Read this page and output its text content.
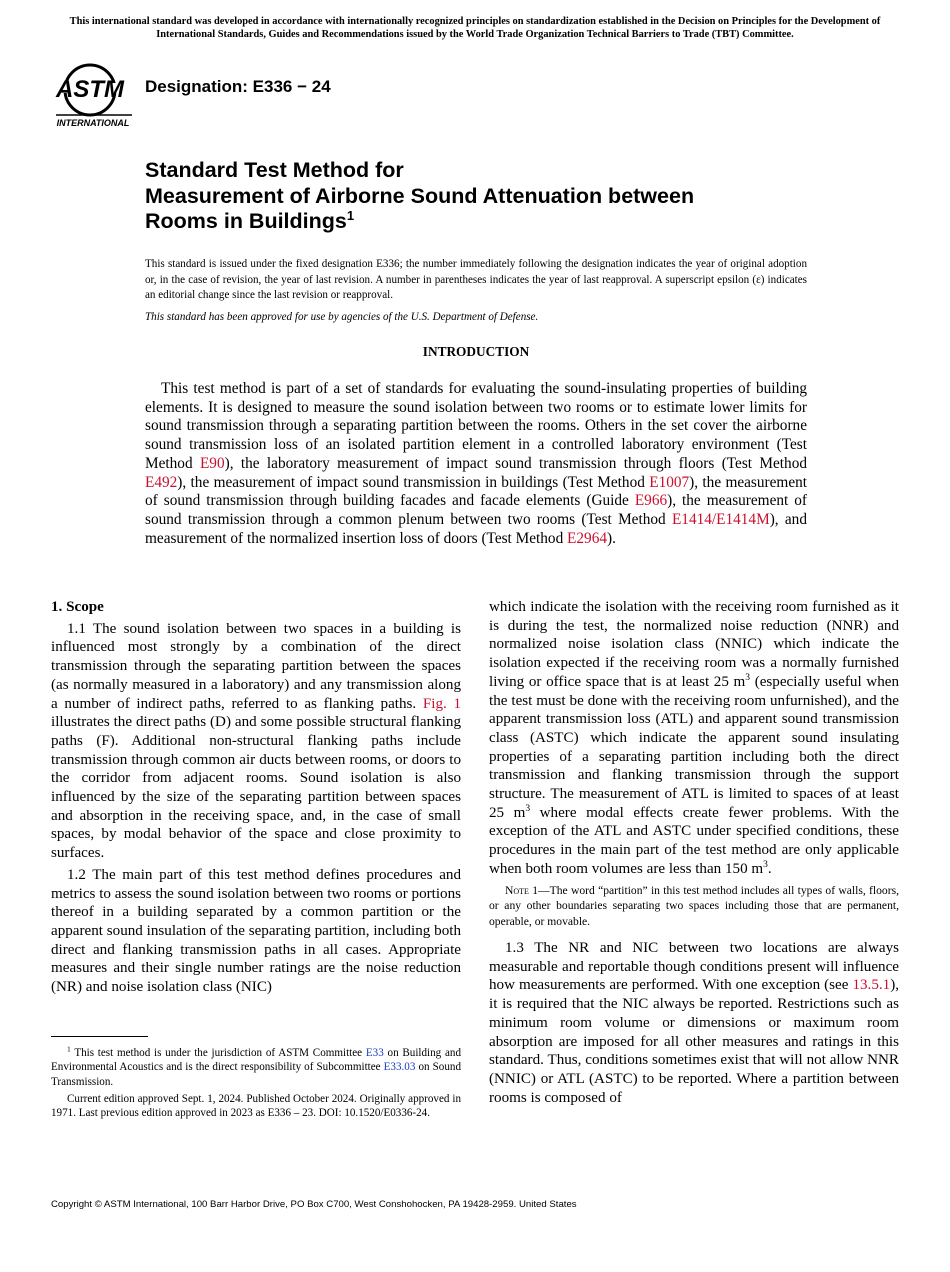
This international standard was developed in accordance with internationally recognized principles on standardization established in the Decision on Principles for the Development of International Standards, Guides and Recommendations issued by the World Trade Organization Technical Barriers to Trade (TBT) Committee.
ASTM
INTERNATIONAL
Designation: E336 − 24
Standard Test Method for
Measurement of Airborne Sound Attenuation between
Rooms in Buildings$^1$
This standard is issued under the fixed designation E336; the number immediately following the designation indicates the year of original adoption or, in the case of revision, the year of last revision. A number in parentheses indicates the year of last reapproval. A superscript epsilon (ε) indicates an editorial change since the last revision or reapproval.
This standard has been approved for use by agencies of the U.S. Department of Defense.
INTRODUCTION
This test method is part of a set of standards for evaluating the sound-insulating properties of building elements. It is designed to measure the sound isolation between two rooms or to estimate lower limits for sound transmission through a separating partition between the rooms. Others in the set cover the airborne sound transmission loss of an isolated partition element in a controlled laboratory environment (Test Method E90), the laboratory measurement of impact sound transmission through floors (Test Method E492), the measurement of impact sound transmission in buildings (Test Method E1007), the measurement of sound transmission through building facades and facade elements (Guide E966), the measurement of sound transmission through a common plenum between two rooms (Test Method E1414/E1414M), and measurement of the normalized insertion loss of doors (Test Method E2964).
1. Scope

1.1 The sound isolation between two spaces in a building is influenced most strongly by a combination of the direct transmission through the separating partition between the spaces (as normally measured in a laboratory) and any transmission along a number of indirect paths, referred to as flanking paths. Fig. 1 illustrates the direct paths (D) and some possible structural flanking paths (F). Additional non-structural flanking paths include transmission through common air ducts between rooms, or doors to the corridor from adjacent rooms. Sound isolation is also influenced by the size of the separating partition between spaces and absorption in the receiving space, and, in the case of small spaces, by modal behavior of the space and close proximity to surfaces.

1.2 The main part of this test method defines procedures and metrics to assess the sound isolation between two rooms or portions thereof in a building separated by a common partition or the apparent sound insulation of the separating partition, including both direct and flanking transmission paths in all cases. Appropriate measures and their single number ratings are the noise reduction (NR) and noise isolation class (NIC)

which indicate the isolation with the receiving room furnished as it is during the test, the normalized noise reduction (NNR) and normalized noise isolation class (NNIC) which indicate the isolation expected if the receiving room was a normally furnished living or office space that is at least 25 $m^3$ (especially useful when the test must be done with the receiving room unfurnished), and the apparent transmission loss (ATL) and apparent sound transmission class (ASTC) which indicate the apparent sound insulating properties of a separating partition including both the direct transmission and flanking transmission through the support structure. The measurement of ATL is limited to spaces of at least 25 $m^3$ where modal effects create fewer problems. With the exception of the ATL and ASTC under specified conditions, these procedures in the main part of the test method are only applicable when both room volumes are less than 150 $m^3$.

Note 1—The word “partition” in this test method includes all types of walls, floors, or any other boundaries separating two spaces including those that are permanent, operable, or movable.

1.3 The NR and NIC between two locations are always measurable and reportable though conditions present will influence how measurements are performed. With one exception (see 13.5.1), it is required that the NIC always be reported. Restrictions such as minimum room volume or dimensions or maximum room absorption are imposed for all other measures and ratings in this standard. Thus, conditions sometimes exist that will not allow NNR (NNIC) or ATL (ASTC) to be reported. Where a partition between rooms is composed of

$^1$ This test method is under the jurisdiction of ASTM Committee E33 on Building and Environmental Acoustics and is the direct responsibility of Subcommittee E33.03 on Sound Transmission.

Current edition approved Sept. 1, 2024. Published October 2024. Originally approved in 1971. Last previous edition approved in 2023 as E336 – 23. DOI: 10.1520/E0336-24.

Copyright © ASTM International, 100 Barr Harbor Drive, PO Box C700, West Conshohocken, PA 19428-2959. United States
